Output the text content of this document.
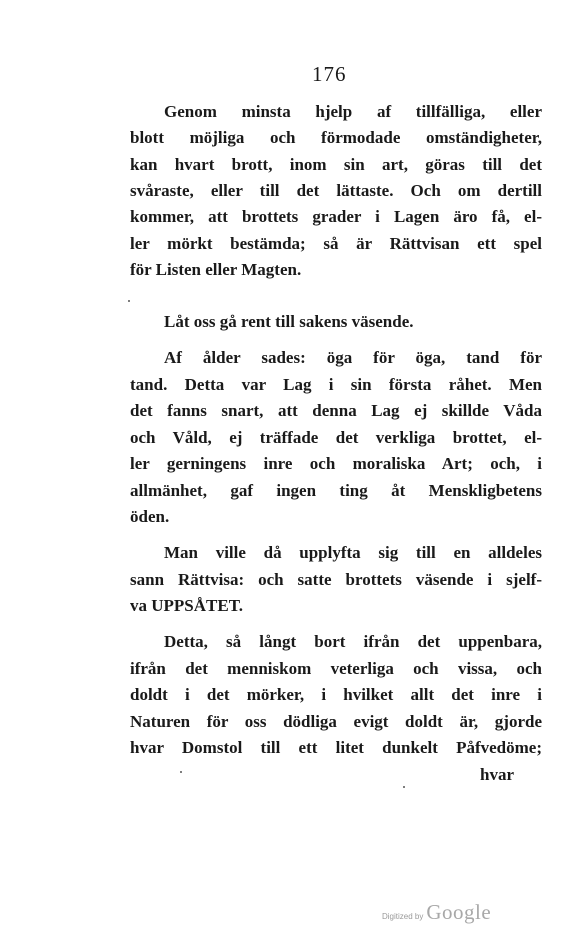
176
Genom minsta hjelp af tillfälliga, eller
blott möjliga och förmodade omständigheter,
kan hvart brott, inom sin art, göras till det
svåraste, eller till det lättaste. Och om dertill
kommer, att brottets grader i Lagen äro få, el-
ler mörkt bestämda; så är Rättvisan ett spel
för Listen eller Magten.
Låt oss gå rent till sakens väsende.
Af ålder sades: öga för öga, tand för
tand. Detta var Lag i sin första råhet. Men
det fanns snart, att denna Lag ej skillde Våda
och Våld, ej träffade det verkliga brottet, el-
ler gerningens inre och moraliska Art; och, i
allmänhet, gaf ingen ting åt Menskligbetens
öden.
Man ville då upplyfta sig till en alldeles
sann Rättvisa: och satte brottets väsende i sjelf-
va UPPSÅTET.
Detta, så långt bort ifrån det uppenbara,
ifrån det menniskom veterliga och vissa, och
doldt i det mörker, i hvilket allt det inre i
Naturen för oss dödliga evigt doldt är, gjorde
hvar Domstol till ett litet dunkelt Påfvedöme;
hvar
Digitized by Google
